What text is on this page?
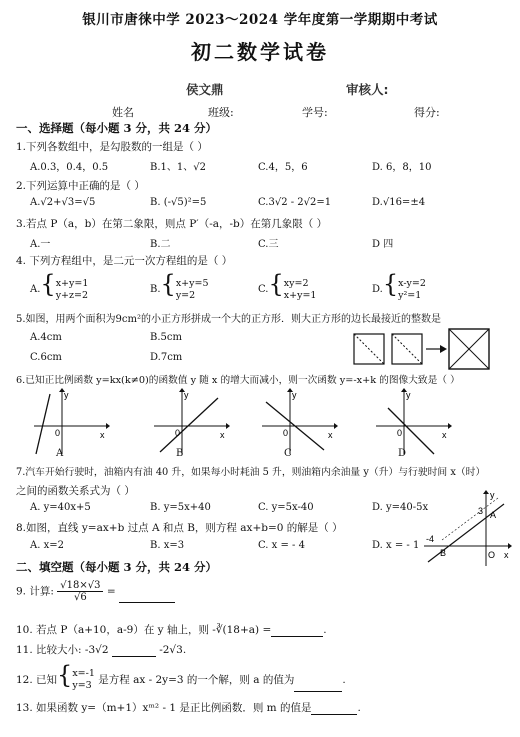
银川市唐徕中学 2023～2024 学年度第一学期期中考试
初二数学试卷
侯文鼎	审核人:
姓名	班级:	学号:	得分:
一、选择题（每小题 3 分，共 24 分）
1.下列各数组中，是勾股数的一组是（ ）
A.0.3，0.4，0.5	B.1、1、√2	C.4，5，6	D. 6，8，10
2.下列运算中正确的是（ ）
A.√2+√3=√5	B. (-√5)²=5	C.3√2 - 2√2=1	D.√16=±4
3.若点 P（a，b）在第二象限，则点 P′（-a，-b）在第几象限（ ）
A.一	B.二	C.三	D 四
4. 下列方程组中，是二元一次方程组的是（ ）
A.{x+y=1
y+z=2	B.{x+y=5
y=2	C.{xy=2
x+y=1	D.{x-y=2
y²=1
5.如图，用两个面积为9cm²的小正方形拼成一个大的正方形．则大正方形的边长最接近的整数是
A.4cm	B.5cm
C.6cm	D.7cm
6.已知正比例函数 y=kx(k≠0)的函数值 y 随 x 的增大而减小，则一次函数 y=-x+k 的图像大致是（ ）
y
x
0
A
y
x
0
B
y
x
0
C
y
x
0
D
7.汽车开始行驶时，油箱内有油 40 升，如果每小时耗油 5 升，则油箱内余油量 y（升）与行驶时间 x（时）
之间的函数关系式为（ ）
A. y=40x+5	B. y=5x+40	C. y=5x-40	D. y=40-5x
8.如图，直线 y=ax+b 过点 A 和点 B，则方程 ax+b=0 的解是（ ）
A. x=2	B. x=3	C. x = - 4	D. x = - 1
y
x
3
-4
A
B	O
二、填空题（每小题 3 分，共 24 分）
9. 计算: $\frac{√18\times√3}{√6}$ =
10. 若点 P（a+10，a-9）在 y 轴上，则 -∛(18+a) =	.
11. 比较大小: -3√2	-2√3.
12. 已知{x=-1
y=3 是方程 ax - 2y=3 的一个解，则 a 的值为	.
13. 如果函数 y=（m+1）xᵐ² - 1 是正比例函数．则 m 的值是	.
